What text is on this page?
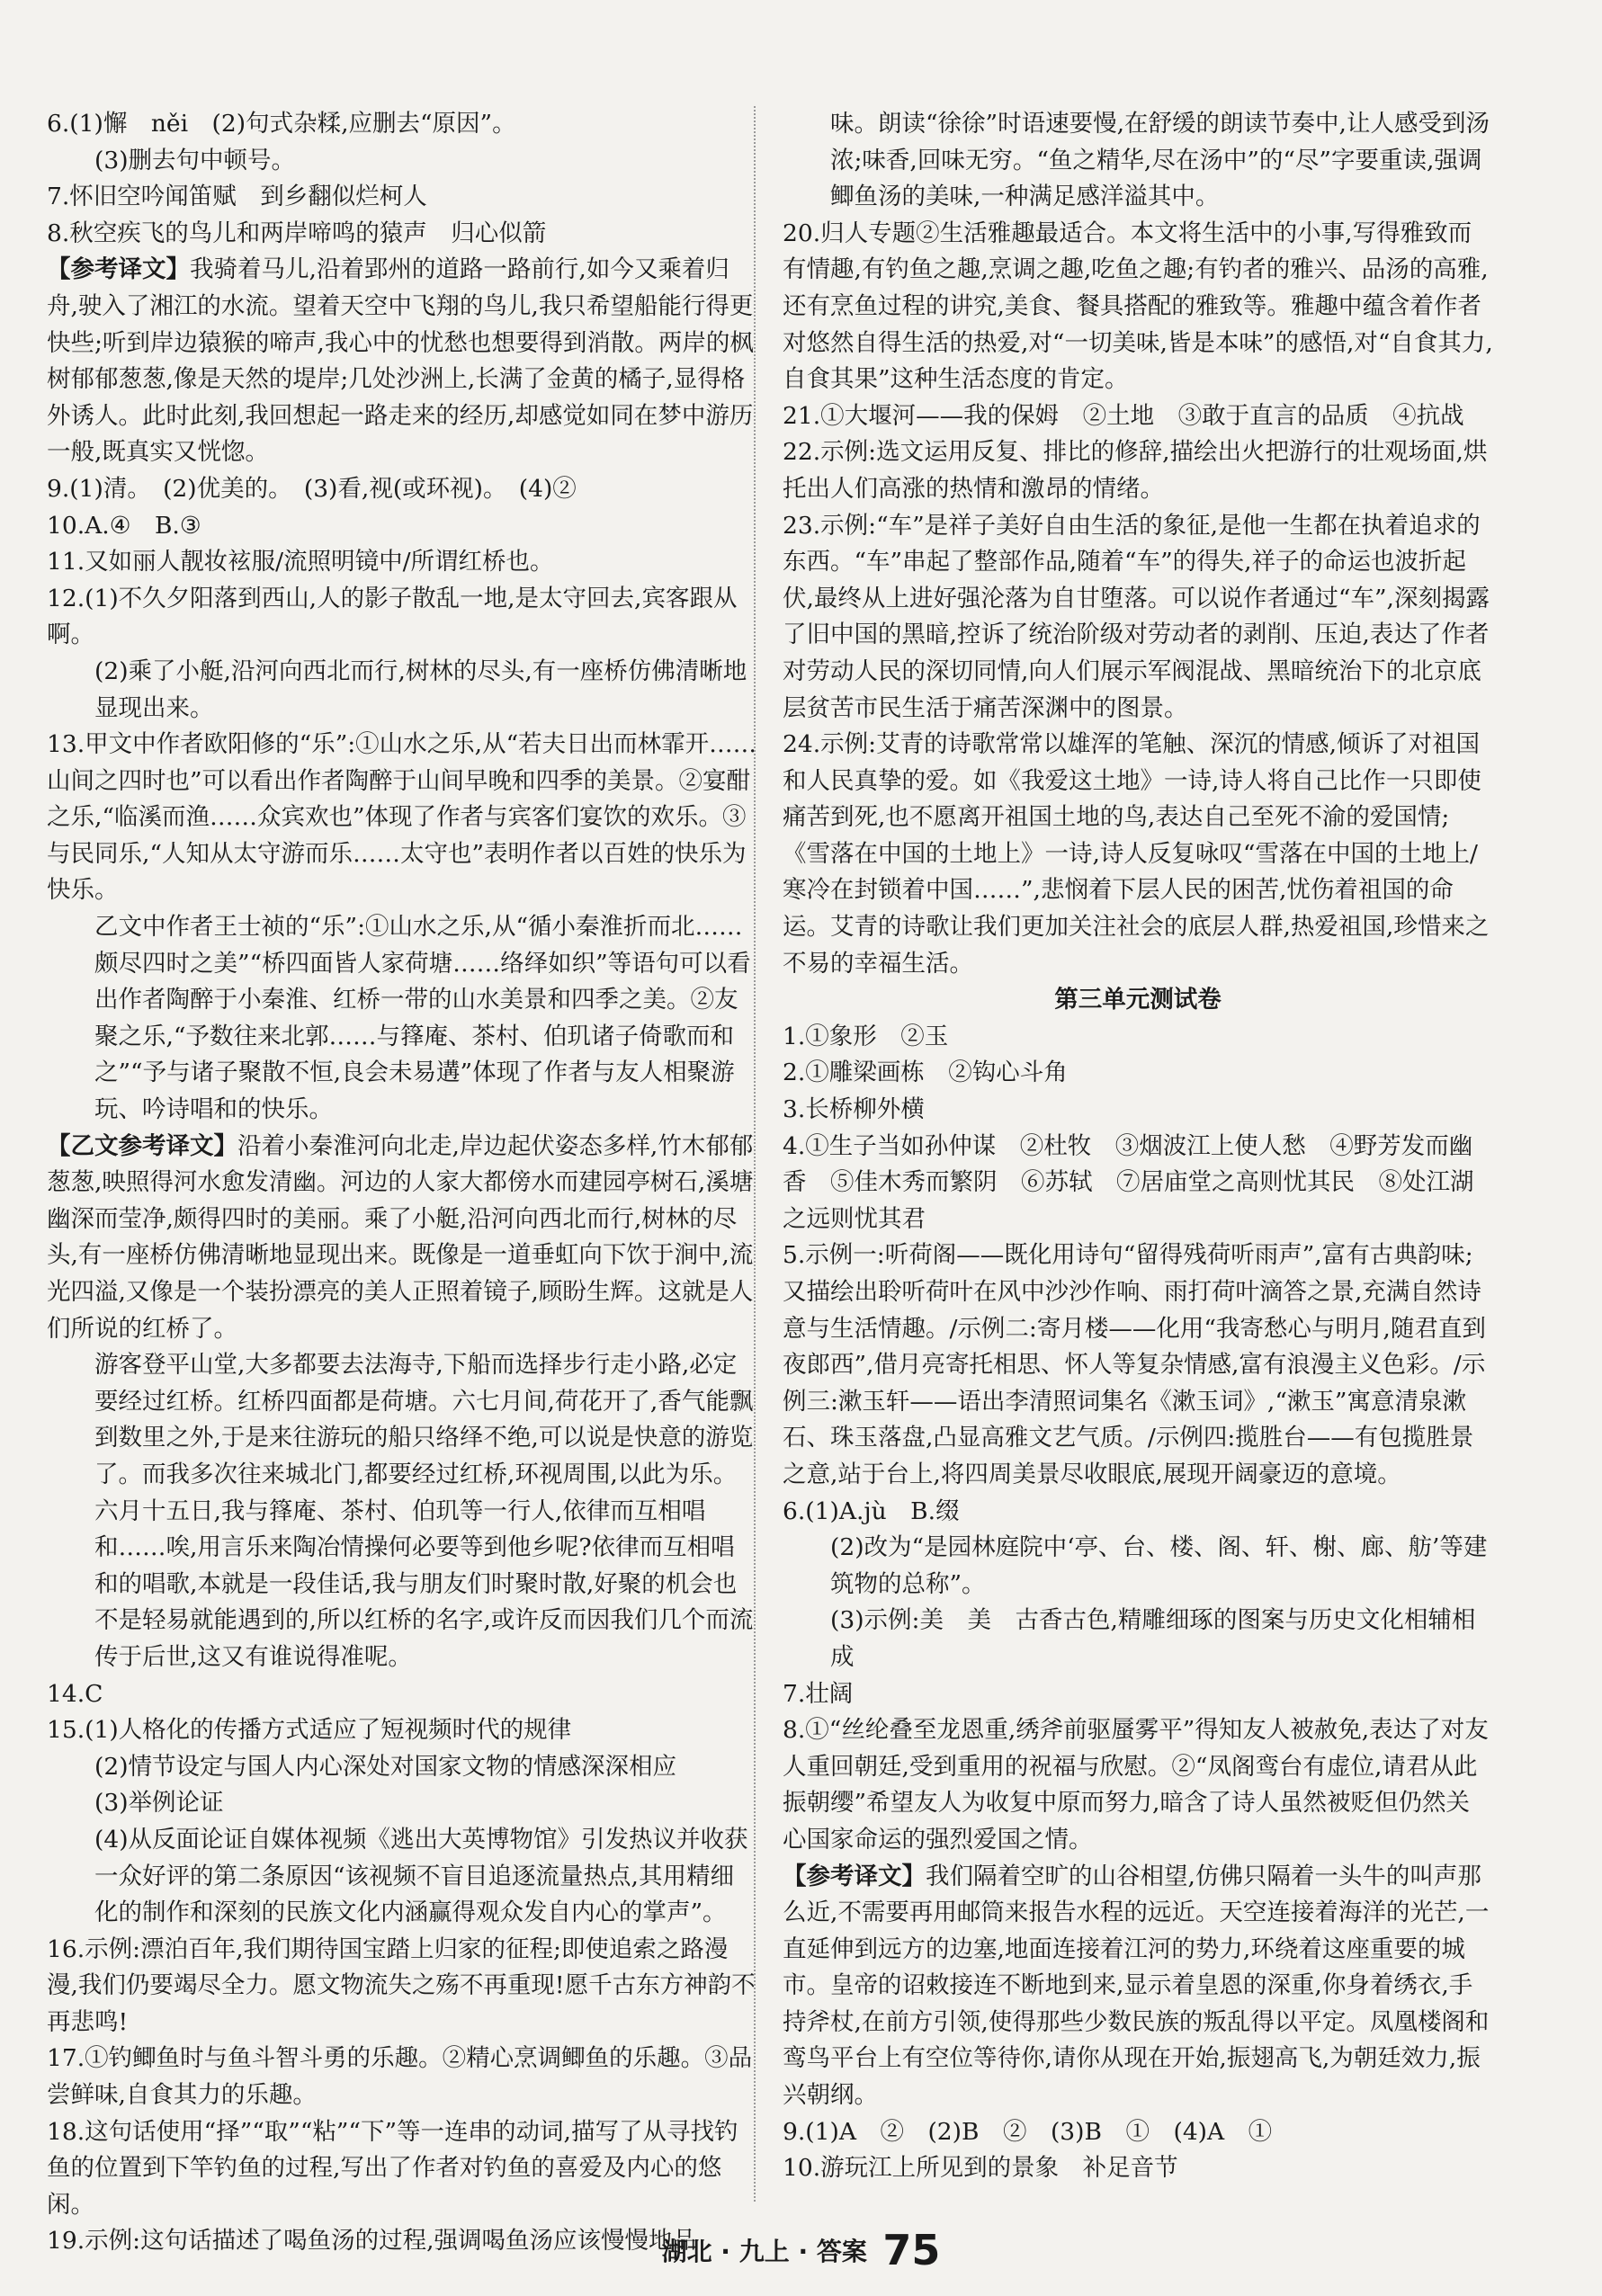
6.(1)懈　něi　(2)句式杂糅,应删去“原因”。

(3)删去句中顿号。

7.怀旧空吟闻笛赋　到乡翻似烂柯人

8.秋空疾飞的鸟儿和两岸啼鸣的猿声　归心似箭

【参考译文】我骑着马儿,沿着郢州的道路一路前行,如今又乘着归舟,驶入了湘江的水流。望着天空中飞翔的鸟儿,我只希望船能行得更快些;听到岸边猿猴的啼声,我心中的忧愁也想要得到消散。两岸的枫树郁郁葱葱,像是天然的堤岸;几处沙洲上,长满了金黄的橘子,显得格外诱人。此时此刻,我回想起一路走来的经历,却感觉如同在梦中游历一般,既真实又恍惚。

9.(1)清。　(2)优美的。　(3)看,视(或环视)。　(4)②

10.A.④　B.③

11.又如丽人靓妆袨服/流照明镜中/所谓红桥也。

12.(1)不久夕阳落到西山,人的影子散乱一地,是太守回去,宾客跟从啊。

(2)乘了小艇,沿河向西北而行,树林的尽头,有一座桥仿佛清晰地显现出来。

13.甲文中作者欧阳修的“乐”:①山水之乐,从“若夫日出而林霏开……山间之四时也”可以看出作者陶醉于山间早晚和四季的美景。②宴酣之乐,“临溪而渔……众宾欢也”体现了作者与宾客们宴饮的欢乐。③与民同乐,“人知从太守游而乐……太守也”表明作者以百姓的快乐为快乐。

乙文中作者王士祯的“乐”:①山水之乐,从“循小秦淮折而北……颇尽四时之美”“桥四面皆人家荷塘……络绎如织”等语句可以看出作者陶醉于小秦淮、红桥一带的山水美景和四季之美。②友聚之乐,“予数往来北郭……与箨庵、茶村、伯玑诸子倚歌而和之”“予与诸子聚散不恒,良会未易遘”体现了作者与友人相聚游玩、吟诗唱和的快乐。

【乙文参考译文】沿着小秦淮河向北走,岸边起伏姿态多样,竹木郁郁葱葱,映照得河水愈发清幽。河边的人家大都傍水而建园亭树石,溪塘幽深而莹净,颇得四时的美丽。乘了小艇,沿河向西北而行,树林的尽头,有一座桥仿佛清晰地显现出来。既像是一道垂虹向下饮于涧中,流光四溢,又像是一个装扮漂亮的美人正照着镜子,顾盼生辉。这就是人们所说的红桥了。

游客登平山堂,大多都要去法海寺,下船而选择步行走小路,必定要经过红桥。红桥四面都是荷塘。六七月间,荷花开了,香气能飘到数里之外,于是来往游玩的船只络绎不绝,可以说是快意的游览了。而我多次往来城北门,都要经过红桥,环视周围,以此为乐。六月十五日,我与箨庵、茶村、伯玑等一行人,依律而互相唱和……唉,用言乐来陶冶情操何必要等到他乡呢?依律而互相唱和的唱歌,本就是一段佳话,我与朋友们时聚时散,好聚的机会也不是轻易就能遇到的,所以红桥的名字,或许反而因我们几个而流传于后世,这又有谁说得准呢。

14.C

15.(1)人格化的传播方式适应了短视频时代的规律

(2)情节设定与国人内心深处对国家文物的情感深深相应

(3)举例论证

(4)从反面论证自媒体视频《逃出大英博物馆》引发热议并收获一众好评的第二条原因“该视频不盲目追逐流量热点,其用精细化的制作和深刻的民族文化内涵赢得观众发自内心的掌声”。

16.示例:漂泊百年,我们期待国宝踏上归家的征程;即使追索之路漫漫,我们仍要竭尽全力。愿文物流失之殇不再重现!愿千古东方神韵不再悲鸣!

17.①钓鲫鱼时与鱼斗智斗勇的乐趣。②精心烹调鲫鱼的乐趣。③品尝鲜味,自食其力的乐趣。

18.这句话使用“择”“取”“粘”“下”等一连串的动词,描写了从寻找钓鱼的位置到下竿钓鱼的过程,写出了作者对钓鱼的喜爱及内心的悠闲。

19.示例:这句话描述了喝鱼汤的过程,强调喝鱼汤应该慢慢地品

味。朗读“徐徐”时语速要慢,在舒缓的朗读节奏中,让人感受到汤浓;味香,回味无穷。“鱼之精华,尽在汤中”的“尽”字要重读,强调鲫鱼汤的美味,一种满足感洋溢其中。

20.归人专题②生活雅趣最适合。本文将生活中的小事,写得雅致而有情趣,有钓鱼之趣,烹调之趣,吃鱼之趣;有钓者的雅兴、品汤的高雅,还有烹鱼过程的讲究,美食、餐具搭配的雅致等。雅趣中蕴含着作者对悠然自得生活的热爱,对“一切美味,皆是本味”的感悟,对“自食其力,自食其果”这种生活态度的肯定。

21.①大堰河——我的保姆　②土地　③敢于直言的品质　④抗战

22.示例:选文运用反复、排比的修辞,描绘出火把游行的壮观场面,烘托出人们高涨的热情和激昂的情绪。

23.示例:“车”是祥子美好自由生活的象征,是他一生都在执着追求的东西。“车”串起了整部作品,随着“车”的得失,祥子的命运也波折起伏,最终从上进好强沦落为自甘堕落。可以说作者通过“车”,深刻揭露了旧中国的黑暗,控诉了统治阶级对劳动者的剥削、压迫,表达了作者对劳动人民的深切同情,向人们展示军阀混战、黑暗统治下的北京底层贫苦市民生活于痛苦深渊中的图景。

24.示例:艾青的诗歌常常以雄浑的笔触、深沉的情感,倾诉了对祖国和人民真挚的爱。如《我爱这土地》一诗,诗人将自己比作一只即使痛苦到死,也不愿离开祖国土地的鸟,表达自己至死不渝的爱国情;《雪落在中国的土地上》一诗,诗人反复咏叹“雪落在中国的土地上/寒冷在封锁着中国……”,悲悯着下层人民的困苦,忧伤着祖国的命运。艾青的诗歌让我们更加关注社会的底层人群,热爱祖国,珍惜来之不易的幸福生活。

第三单元测试卷

1.①象形　②玉

2.①雕梁画栋　②钩心斗角

3.长桥柳外横

4.①生子当如孙仲谋　②杜牧　③烟波江上使人愁　④野芳发而幽香　⑤佳木秀而繁阴　⑥苏轼　⑦居庙堂之高则忧其民　⑧处江湖之远则忧其君

5.示例一:听荷阁——既化用诗句“留得残荷听雨声”,富有古典韵味;又描绘出聆听荷叶在风中沙沙作响、雨打荷叶滴答之景,充满自然诗意与生活情趣。/示例二:寄月楼——化用“我寄愁心与明月,随君直到夜郎西”,借月亮寄托相思、怀人等复杂情感,富有浪漫主义色彩。/示例三:漱玉轩——语出李清照词集名《漱玉词》,“漱玉”寓意清泉漱石、珠玉落盘,凸显高雅文艺气质。/示例四:揽胜台——有包揽胜景之意,站于台上,将四周美景尽收眼底,展现开阔豪迈的意境。

6.(1)A.jù　B.缀

(2)改为“是园林庭院中‘亭、台、楼、阁、轩、榭、廊、舫’等建筑物的总称”。

(3)示例:美　美　古香古色,精雕细琢的图案与历史文化相辅相成

7.壮阔

8.①“丝纶叠至龙恩重,绣斧前驱蜃雾平”得知友人被赦免,表达了对友人重回朝廷,受到重用的祝福与欣慰。②“凤阁鸾台有虚位,请君从此振朝缨”希望友人为收复中原而努力,暗含了诗人虽然被贬但仍然关心国家命运的强烈爱国之情。

【参考译文】我们隔着空旷的山谷相望,仿佛只隔着一头牛的叫声那么近,不需要再用邮筒来报告水程的远近。天空连接着海洋的光芒,一直延伸到远方的边塞,地面连接着江河的势力,环绕着这座重要的城市。皇帝的诏敕接连不断地到来,显示着皇恩的深重,你身着绣衣,手持斧杖,在前方引领,使得那些少数民族的叛乱得以平定。凤凰楼阁和鸾鸟平台上有空位等待你,请你从现在开始,振翅高飞,为朝廷效力,振兴朝纲。

9.(1)A　②　(2)B　②　(3)B　①　(4)A　①

10.游玩江上所见到的景象　补足音节

湖北 · 九上 · 答案 75
